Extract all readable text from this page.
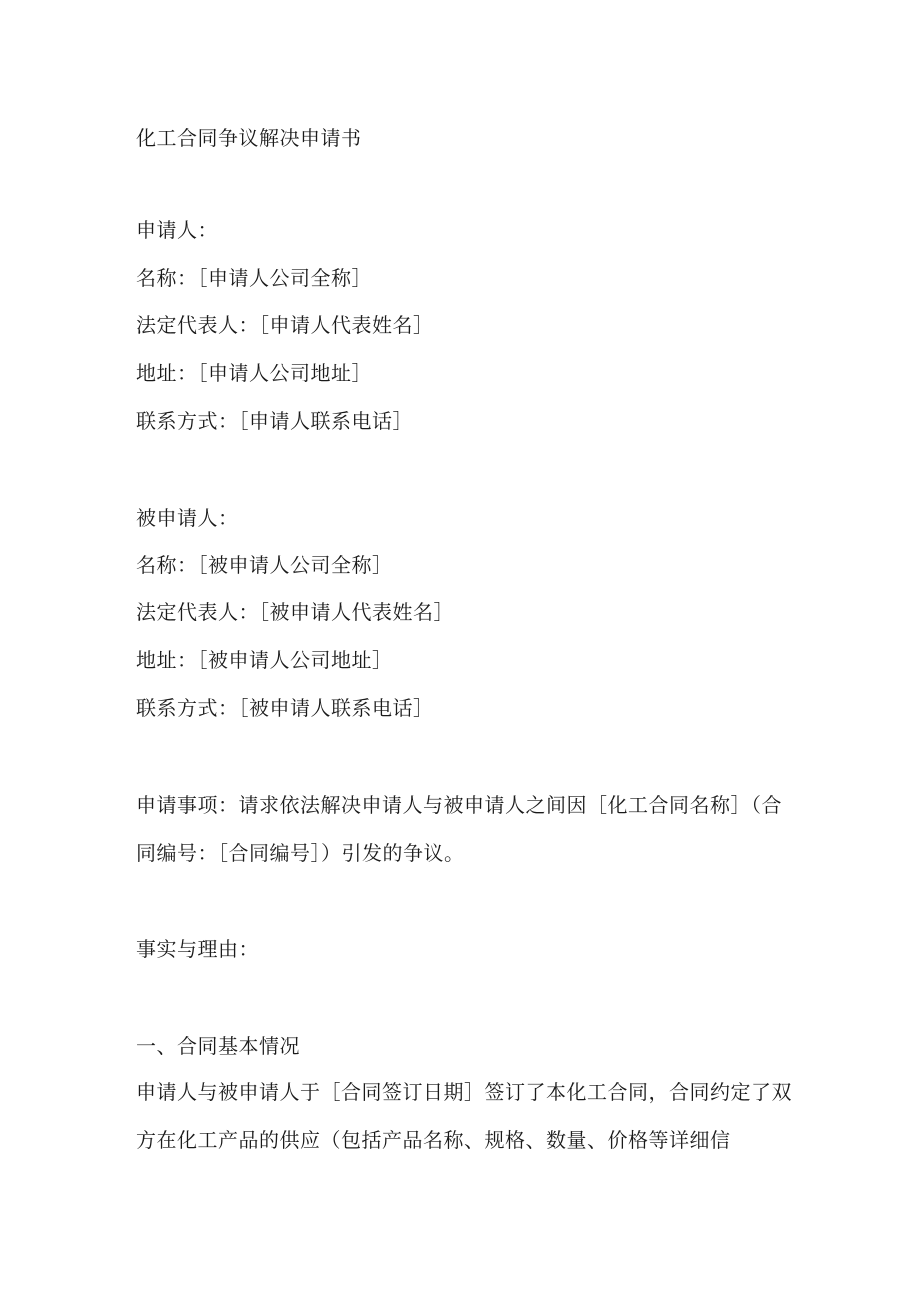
化工合同争议解决申请书
申请人：
名称：［申请人公司全称］
法定代表人：［申请人代表姓名］
地址：［申请人公司地址］
联系方式：［申请人联系电话］
被申请人：
名称：［被申请人公司全称］
法定代表人：［被申请人代表姓名］
地址：［被申请人公司地址］
联系方式：［被申请人联系电话］
申请事项：请求依法解决申请人与被申请人之间因［化工合同名称］（合
同编号：［合同编号］）引发的争议。
事实与理由：
一、合同基本情况
申请人与被申请人于［合同签订日期］签订了本化工合同，合同约定了双
方在化工产品的供应（包括产品名称、规格、数量、价格等详细信
